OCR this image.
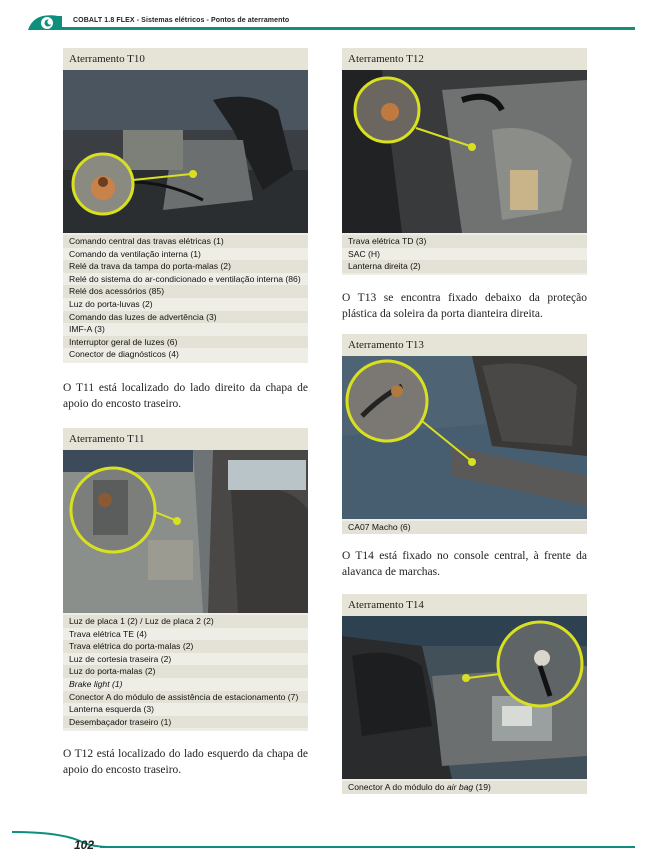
COBALT 1.8 FLEX - Sistemas elétricos - Pontos de aterramento
Aterramento T10
Comando central das travas elétricas (1)
Comando da ventilação interna (1)
Relé da trava da tampa do porta-malas (2)
Relé do sistema do ar-condicionado e ventilação interna (86)
Relé dos acessórios (85)
Luz do porta-luvas (2)
Comando das luzes de advertência (3)
IMF-A (3)
Interruptor geral de luzes (6)
Conector de diagnósticos (4)
O T11 está localizado do lado direito da chapa de apoio do encosto traseiro.
Aterramento T11
Luz de placa 1 (2) / Luz de placa 2 (2)
Trava elétrica TE (4)
Trava elétrica do porta-malas (2)
Luz de cortesia traseira (2)
Luz do porta-malas (2)
Brake light (1)
Conector A do módulo de assistência de estacionamento (7)
Lanterna esquerda (3)
Desembaçador traseiro (1)
O T12 está localizado do lado esquerdo da chapa de apoio do encosto traseiro.
Aterramento T12
Trava elétrica TD (3)
SAC (H)
Lanterna direita (2)
O T13 se encontra fixado debaixo da proteção plástica da soleira da porta dianteira direita.
Aterramento T13
CA07 Macho (6)
O T14 está fixado no console central, à frente da alavanca de marchas.
Aterramento T14
Conector A do módulo do air bag (19)
102
